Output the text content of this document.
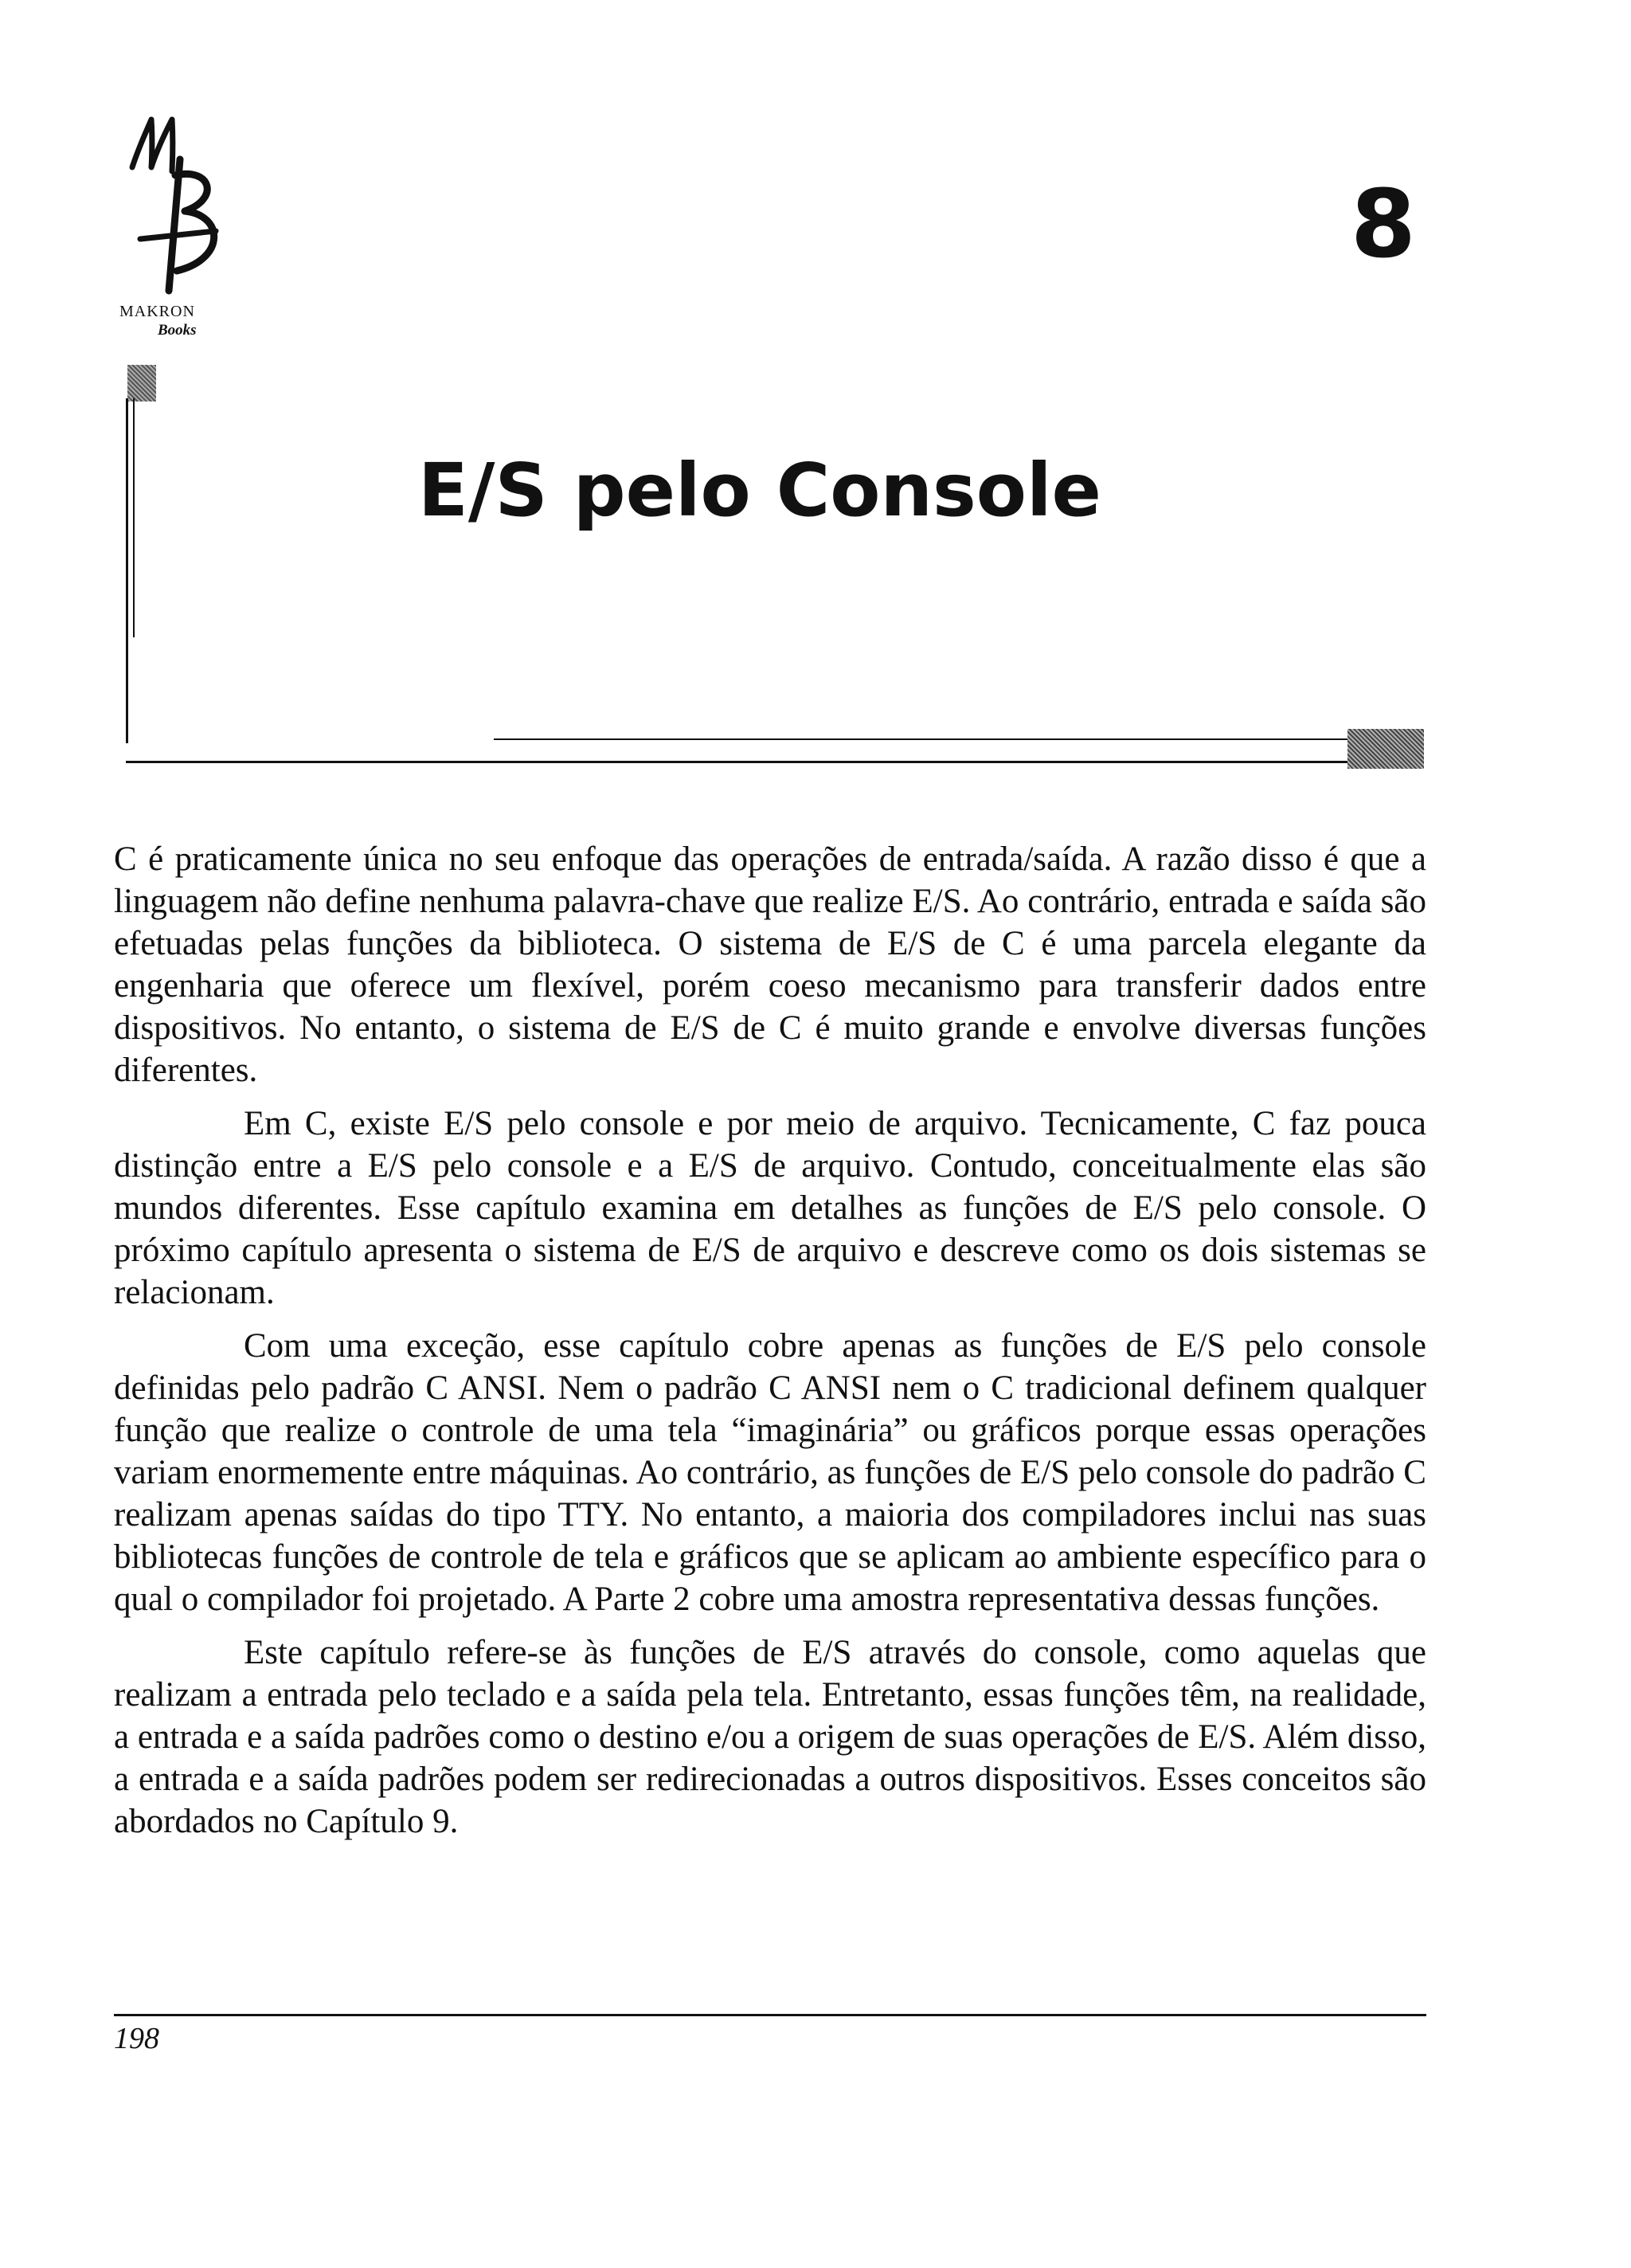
MAKRON
Books
8
E/S pelo Console

C é praticamente única no seu enfoque das operações de entrada/saída. A razão disso é que a linguagem não define nenhuma palavra-chave que realize E/S. Ao contrário, entrada e saída são efetuadas pelas funções da biblioteca. O sistema de E/S de C é uma parcela elegante da engenharia que oferece um flexível, porém coeso mecanismo para transferir dados entre dispositivos. No entanto, o sistema de E/S de C é muito grande e envolve diversas funções diferentes.

Em C, existe E/S pelo console e por meio de arquivo. Tecnicamente, C faz pouca distinção entre a E/S pelo console e a E/S de arquivo. Contudo, conceitualmente elas são mundos diferentes. Esse capítulo examina em detalhes as funções de E/S pelo console. O próximo capítulo apresenta o sistema de E/S de arquivo e descreve como os dois sistemas se relacionam.

Com uma exceção, esse capítulo cobre apenas as funções de E/S pelo console definidas pelo padrão C ANSI. Nem o padrão C ANSI nem o C tradicional definem qualquer função que realize o controle de uma tela “imaginária” ou gráficos porque essas operações variam enormemente entre máquinas. Ao contrário, as funções de E/S pelo console do padrão C realizam apenas saídas do tipo TTY. No entanto, a maioria dos compiladores inclui nas suas bibliotecas funções de controle de tela e gráficos que se aplicam ao ambiente específico para o qual o compilador foi projetado. A Parte 2 cobre uma amostra representativa dessas funções.

Este capítulo refere-se às funções de E/S através do console, como aquelas que realizam a entrada pelo teclado e a saída pela tela. Entretanto, essas funções têm, na realidade, a entrada e a saída padrões como o destino e/ou a origem de suas operações de E/S. Além disso, a entrada e a saída padrões podem ser redirecionadas a outros dispositivos. Esses conceitos são abordados no Capítulo 9.

198
